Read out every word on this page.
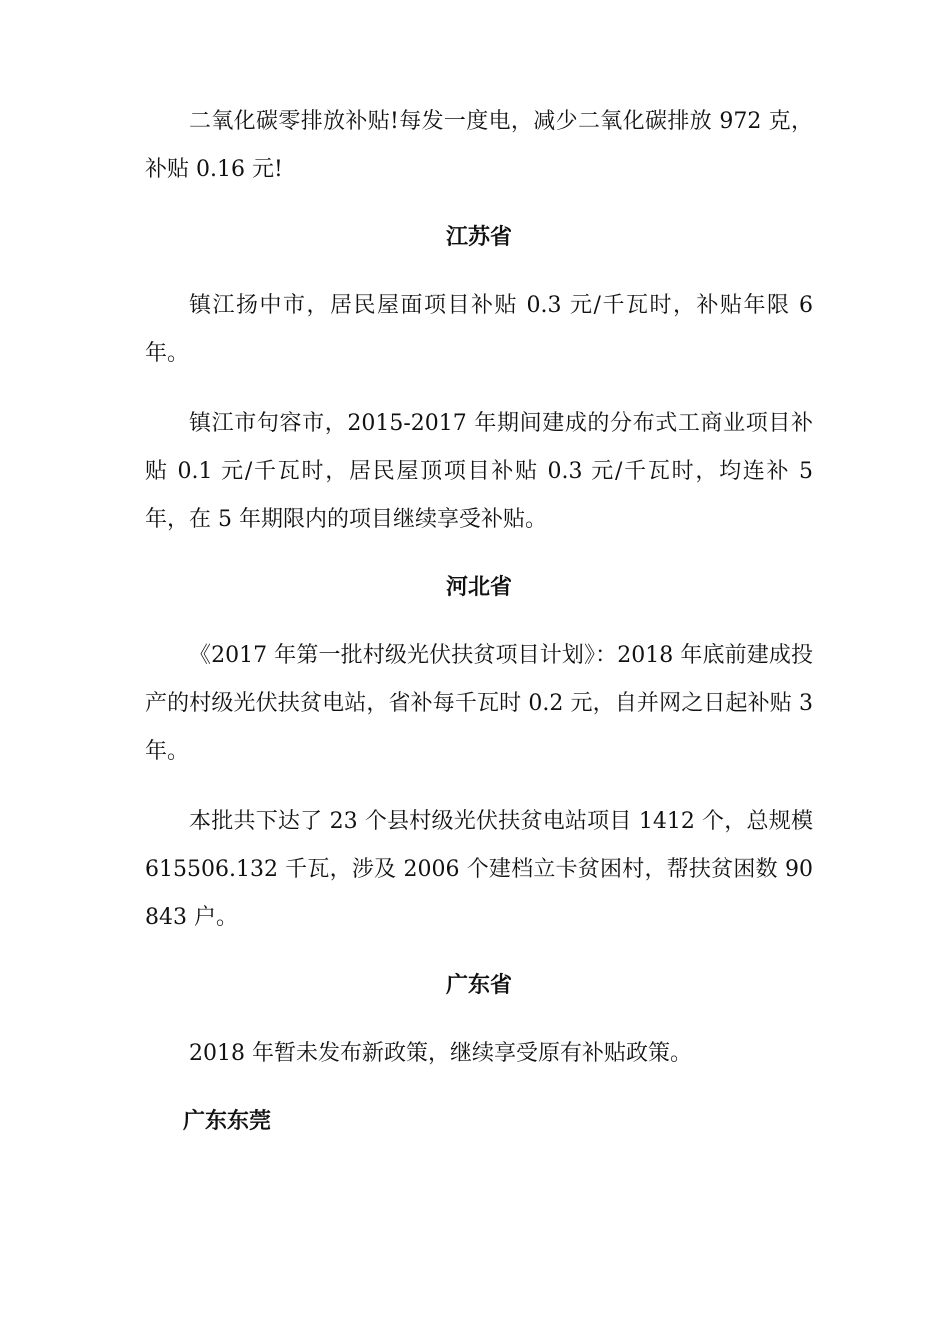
二氧化碳零排放补贴!每发一度电，减少二氧化碳排放 972 克，补贴 0.16 元!

江苏省

镇江扬中市，居民屋面项目补贴 0.3 元/千瓦时，补贴年限 6 年。

镇江市句容市，2015-2017 年期间建成的分布式工商业项目补贴 0.1 元/千瓦时，居民屋顶项目补贴 0.3 元/千瓦时，均连补 5 年，在 5 年期限内的项目继续享受补贴。

河北省

《2017 年第一批村级光伏扶贫项目计划》：2018 年底前建成投产的村级光伏扶贫电站，省补每千瓦时 0.2 元，自并网之日起补贴 3 年。

本批共下达了 23 个县村级光伏扶贫电站项目 1412 个，总规模 615506.132 千瓦，涉及 2006 个建档立卡贫困村，帮扶贫困数 90843 户。

广东省

2018 年暂未发布新政策，继续享受原有补贴政策。

广东东莞
